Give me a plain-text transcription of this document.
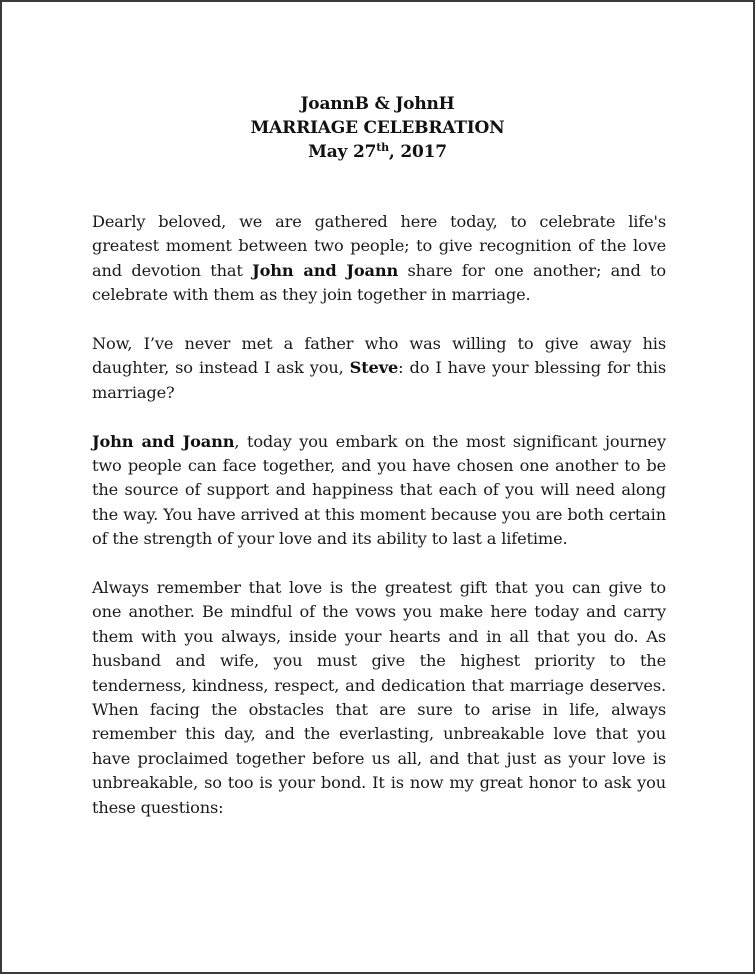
JoannB & JohnH
MARRIAGE CELEBRATION
May 27th, 2017

Dearly beloved, we are gathered here today, to celebrate life's greatest moment between two people; to give recognition of the love and devotion that John and Joann share for one another; and to celebrate with them as they join together in marriage.

Now, I’ve never met a father who was willing to give away his daughter, so instead I ask you, Steve: do I have your blessing for this marriage?

John and Joann, today you embark on the most significant journey two people can face together, and you have chosen one another to be the source of support and happiness that each of you will need along the way. You have arrived at this moment because you are both certain of the strength of your love and its ability to last a lifetime.

Always remember that love is the greatest gift that you can give to one another. Be mindful of the vows you make here today and carry them with you always, inside your hearts and in all that you do. As husband and wife, you must give the highest priority to the tenderness, kindness, respect, and dedication that marriage deserves. When facing the obstacles that are sure to arise in life, always remember this day, and the everlasting, unbreakable love that you have proclaimed together before us all, and that just as your love is unbreakable, so too is your bond. It is now my great honor to ask you these questions:
